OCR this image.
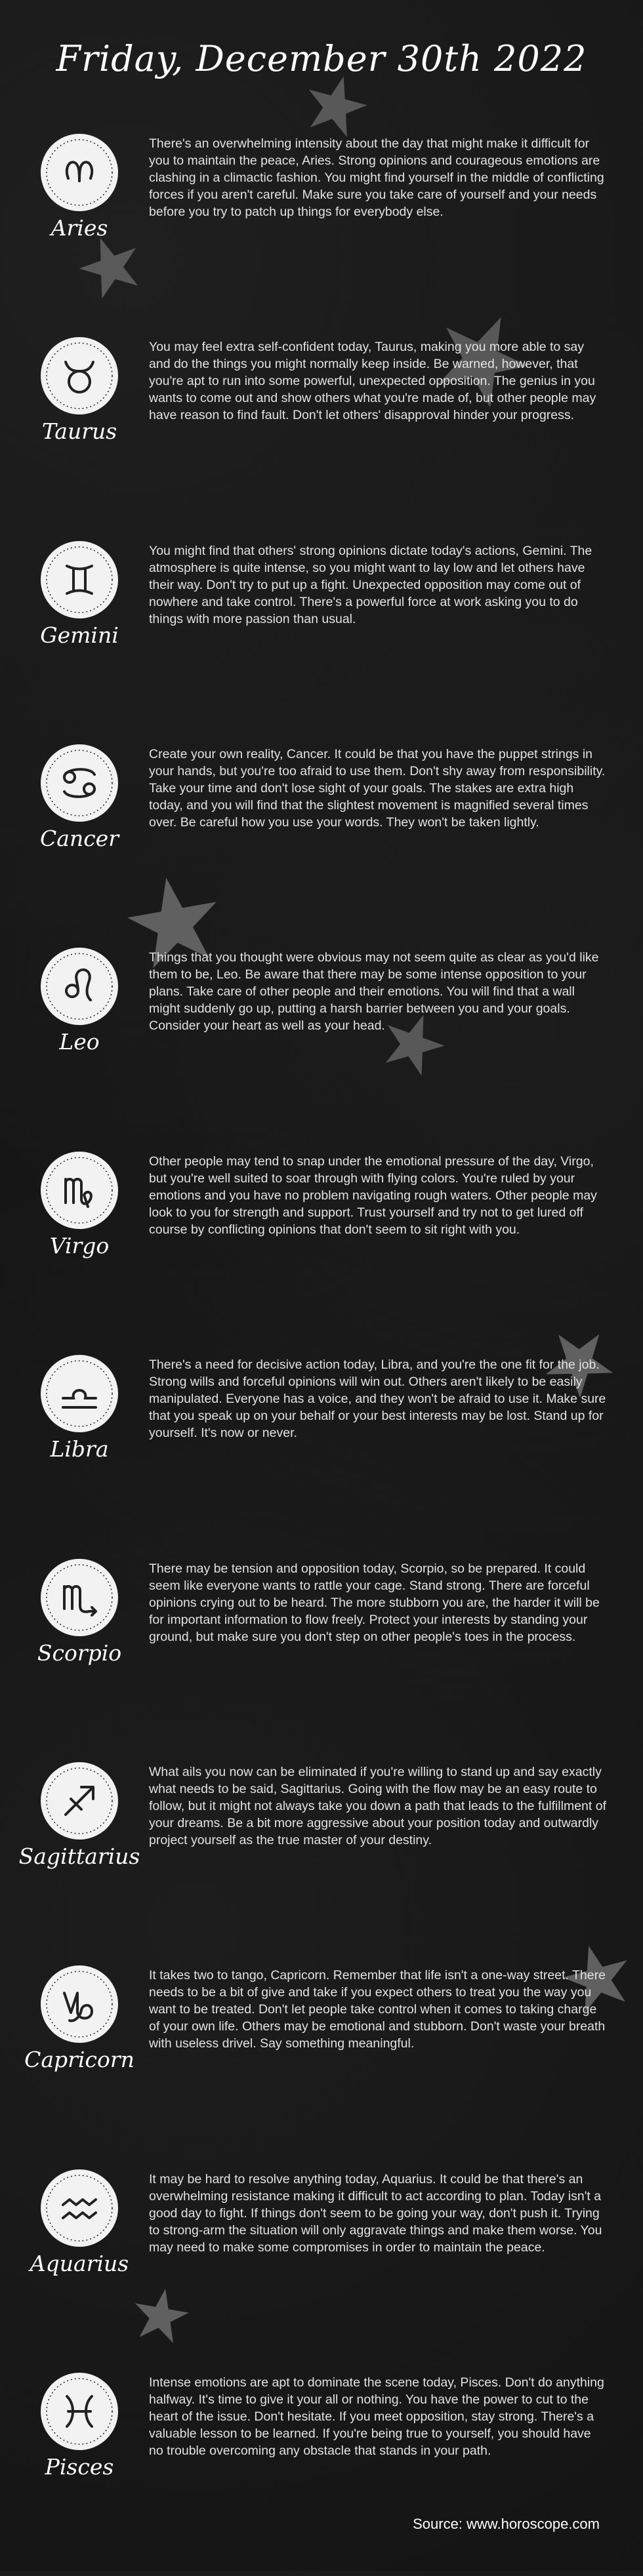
Friday, December 30th 2022
Aries
There's an overwhelming intensity about the day that might make it difficult for you to maintain the peace, Aries. Strong opinions and courageous emotions are clashing in a climactic fashion. You might find yourself in the middle of conflicting forces if you aren't careful. Make sure you take care of yourself and your needs before you try to patch up things for everybody else.
Taurus
You may feel extra self-confident today, Taurus, making you more able to say and do the things you might normally keep inside. Be warned, however, that you're apt to run into some powerful, unexpected opposition. The genius in you wants to come out and show others what you're made of, but other people may have reason to find fault. Don't let others' disapproval hinder your progress.
Gemini
You might find that others' strong opinions dictate today's actions, Gemini. The atmosphere is quite intense, so you might want to lay low and let others have their way. Don't try to put up a fight. Unexpected opposition may come out of nowhere and take control. There's a powerful force at work asking you to do things with more passion than usual.
Cancer
Create your own reality, Cancer. It could be that you have the puppet strings in your hands, but you're too afraid to use them. Don't shy away from responsibility. Take your time and don't lose sight of your goals. The stakes are extra high today, and you will find that the slightest movement is magnified several times over. Be careful how you use your words. They won't be taken lightly.
Leo
Things that you thought were obvious may not seem quite as clear as you'd like them to be, Leo. Be aware that there may be some intense opposition to your plans. Take care of other people and their emotions. You will find that a wall might suddenly go up, putting a harsh barrier between you and your goals. Consider your heart as well as your head.
Virgo
Other people may tend to snap under the emotional pressure of the day, Virgo, but you're well suited to soar through with flying colors. You're ruled by your emotions and you have no problem navigating rough waters. Other people may look to you for strength and support. Trust yourself and try not to get lured off course by conflicting opinions that don't seem to sit right with you.
Libra
There's a need for decisive action today, Libra, and you're the one fit for the job. Strong wills and forceful opinions will win out. Others aren't likely to be easily manipulated. Everyone has a voice, and they won't be afraid to use it. Make sure that you speak up on your behalf or your best interests may be lost. Stand up for yourself. It's now or never.
Scorpio
There may be tension and opposition today, Scorpio, so be prepared. It could seem like everyone wants to rattle your cage. Stand strong. There are forceful opinions crying out to be heard. The more stubborn you are, the harder it will be for important information to flow freely. Protect your interests by standing your ground, but make sure you don't step on other people's toes in the process.
Sagittarius
What ails you now can be eliminated if you're willing to stand up and say exactly what needs to be said, Sagittarius. Going with the flow may be an easy route to follow, but it might not always take you down a path that leads to the fulfillment of your dreams. Be a bit more aggressive about your position today and outwardly project yourself as the true master of your destiny.
Capricorn
It takes two to tango, Capricorn. Remember that life isn't a one-way street. There needs to be a bit of give and take if you expect others to treat you the way you want to be treated. Don't let people take control when it comes to taking charge of your own life. Others may be emotional and stubborn. Don't waste your breath with useless drivel. Say something meaningful.
Aquarius
It may be hard to resolve anything today, Aquarius. It could be that there's an overwhelming resistance making it difficult to act according to plan. Today isn't a good day to fight. If things don't seem to be going your way, don't push it. Trying to strong-arm the situation will only aggravate things and make them worse. You may need to make some compromises in order to maintain the peace.
Pisces
Intense emotions are apt to dominate the scene today, Pisces. Don't do anything halfway. It's time to give it your all or nothing. You have the power to cut to the heart of the issue. Don't hesitate. If you meet opposition, stay strong. There's a valuable lesson to be learned. If you're being true to yourself, you should have no trouble overcoming any obstacle that stands in your path.
Source: www.horoscope.com
